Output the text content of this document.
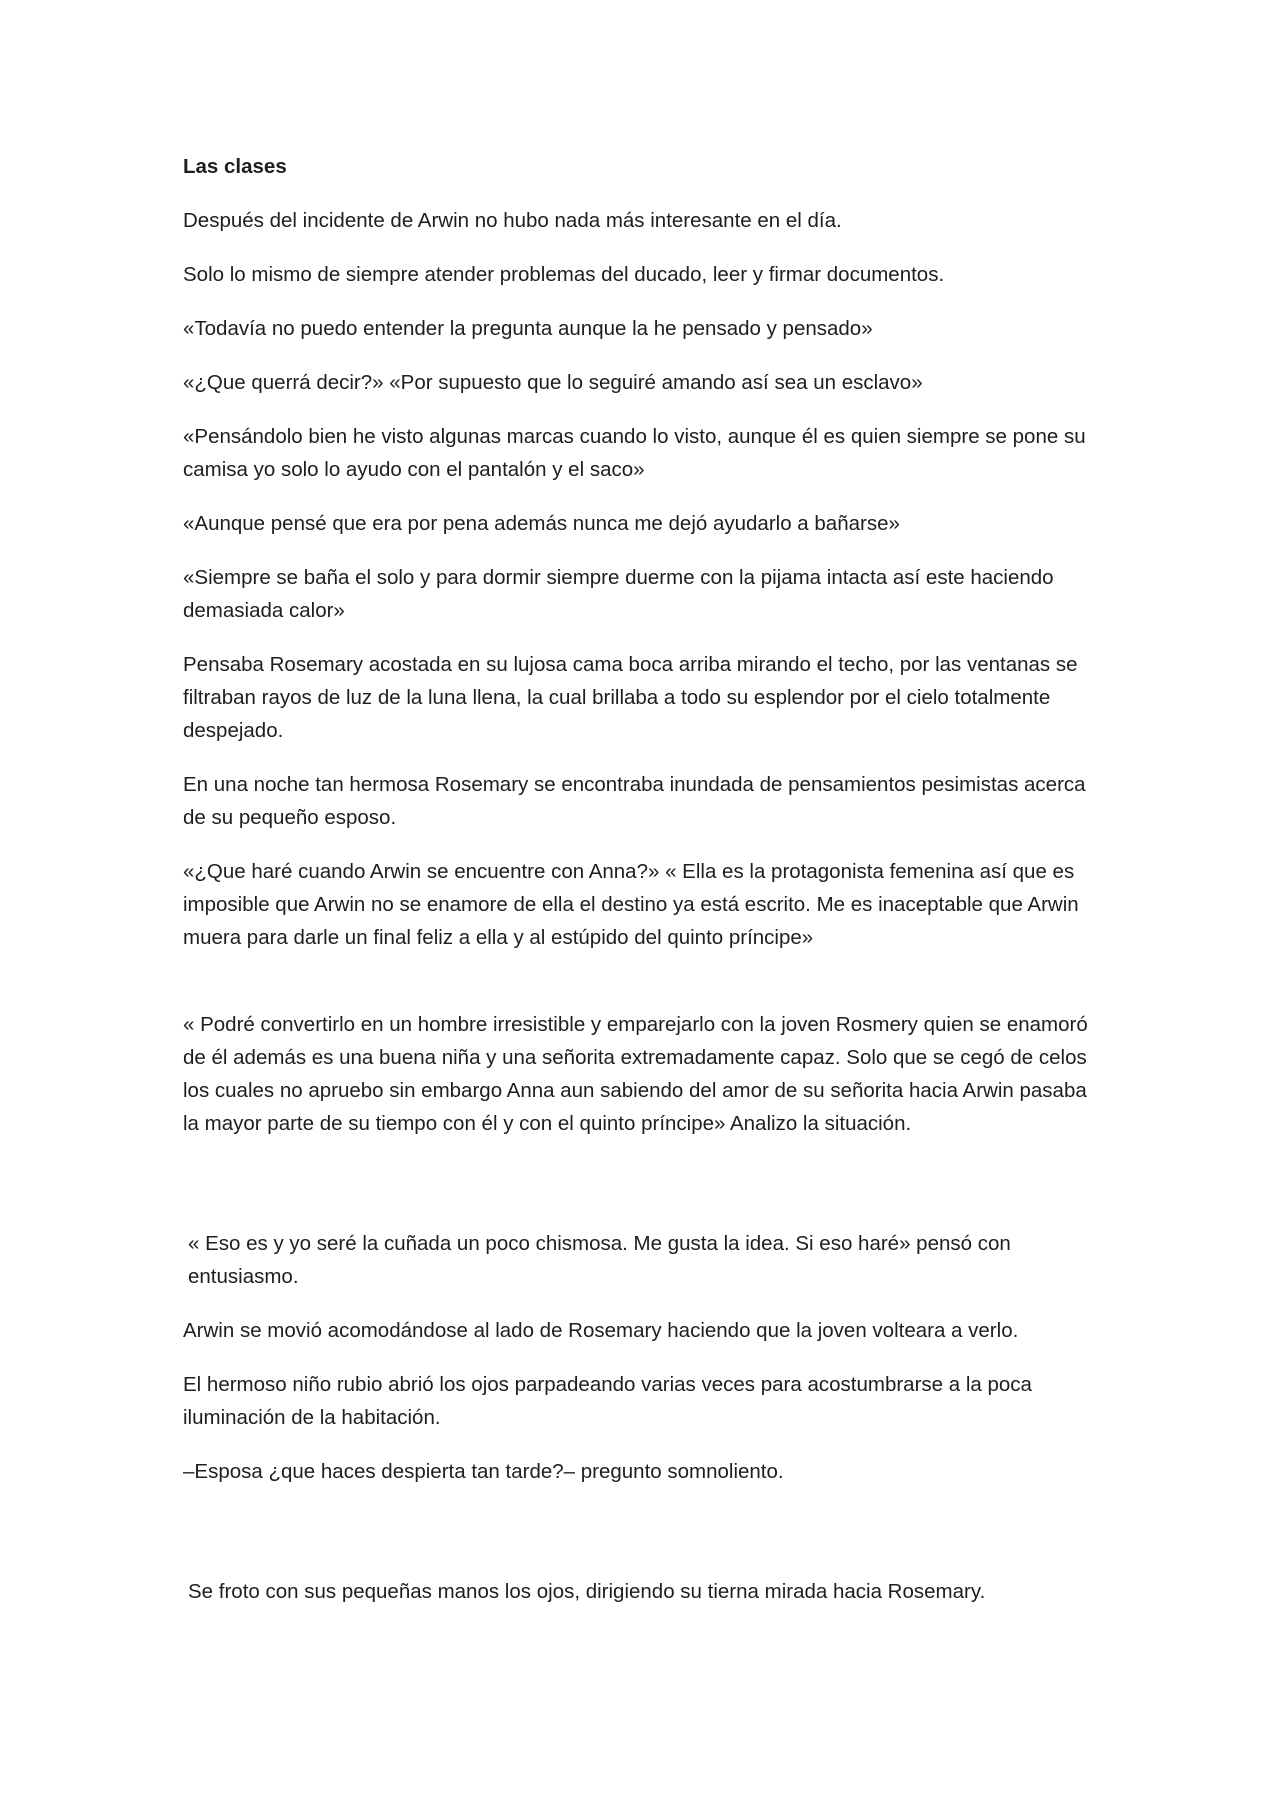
Las clases

Después del incidente de Arwin no hubo nada más interesante en el día.

Solo lo mismo de siempre atender problemas del ducado, leer y firmar documentos.

«Todavía no puedo entender la pregunta aunque la he pensado y pensado»

«¿Que querrá decir?» «Por supuesto que lo seguiré amando así sea un esclavo»

«Pensándolo bien he visto algunas marcas cuando lo visto, aunque él es quien siempre se pone su camisa yo solo lo ayudo con el pantalón y el saco»

«Aunque pensé que era por pena además nunca me dejó ayudarlo a bañarse»

«Siempre se baña el solo y para dormir siempre duerme con la pijama intacta así este haciendo demasiada calor»

Pensaba Rosemary acostada en su lujosa cama boca arriba mirando el techo, por las ventanas se filtraban rayos de luz de la luna llena, la cual brillaba a todo su esplendor por el cielo totalmente despejado.

En una noche tan hermosa Rosemary se encontraba inundada de pensamientos pesimistas acerca de su pequeño esposo.

«¿Que haré cuando Arwin se encuentre con Anna?» « Ella es la protagonista femenina así que es imposible que Arwin no se enamore de ella el destino ya está escrito. Me es inaceptable que Arwin muera para darle un final feliz a ella y al estúpido del quinto príncipe»

« Podré convertirlo en un hombre irresistible y emparejarlo con la joven Rosmery quien se enamoró de él además es una buena niña y una señorita extremadamente capaz. Solo que se cegó de celos los cuales no apruebo sin embargo Anna aun sabiendo del amor de su señorita hacia Arwin pasaba la mayor parte de su tiempo con él y con el quinto príncipe» Analizo la situación.

« Eso es y yo seré la cuñada un poco chismosa. Me gusta la idea. Si eso haré» pensó con entusiasmo.

Arwin se movió acomodándose al lado de Rosemary haciendo que la joven volteara a verlo.

El hermoso niño rubio abrió los ojos parpadeando varias veces para acostumbrarse a la poca iluminación de la habitación.

–Esposa ¿que haces despierta tan tarde?– pregunto somnoliento.

Se froto con sus pequeñas manos los ojos, dirigiendo su tierna mirada hacia Rosemary.
